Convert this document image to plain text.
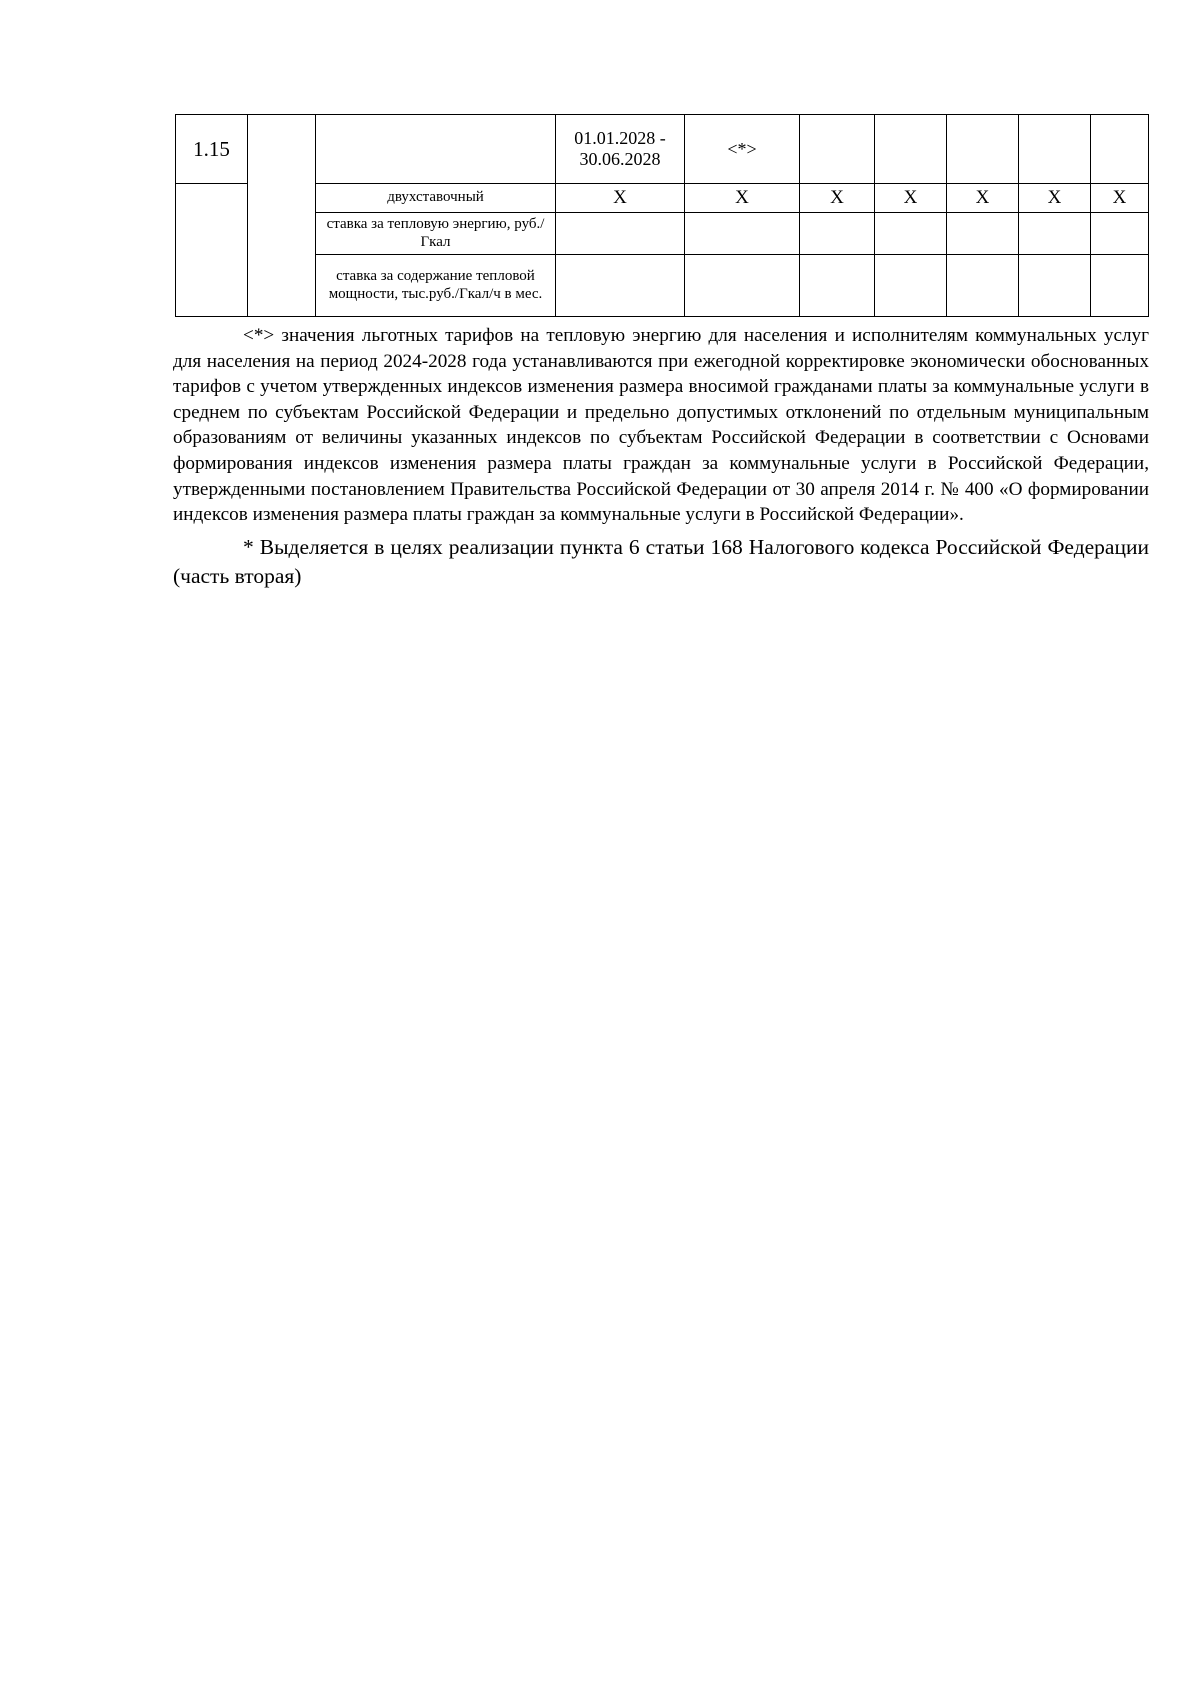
1.15			01.01.2028 - 30.06.2028	<*>					
		двухставочный	X	X	X	X	X	X	X
		ставка за тепловую энергию, руб./Гкал							
		ставка за содержание тепловой мощности, тыс.руб./Гкал/ч в мес.							

<*> значения льготных тарифов на тепловую энергию для населения и исполнителям коммунальных услуг для населения на период 2024-2028 года устанавливаются при ежегодной корректировке экономически обоснованных тарифов с учетом утвержденных индексов изменения размера вносимой гражданами платы за коммунальные услуги в среднем по субъектам Российской Федерации и предельно допустимых отклонений по отдельным муниципальным образованиям от величины указанных индексов по субъектам Российской Федерации в соответствии с Основами формирования индексов изменения размера платы граждан за коммунальные услуги в Российской Федерации, утвержденными постановлением Правительства Российской Федерации от 30 апреля 2014 г. № 400 «О формировании индексов изменения размера платы граждан за коммунальные услуги в Российской Федерации».

* Выделяется в целях реализации пункта 6 статьи 168 Налогового кодекса Российской Федерации (часть вторая)
